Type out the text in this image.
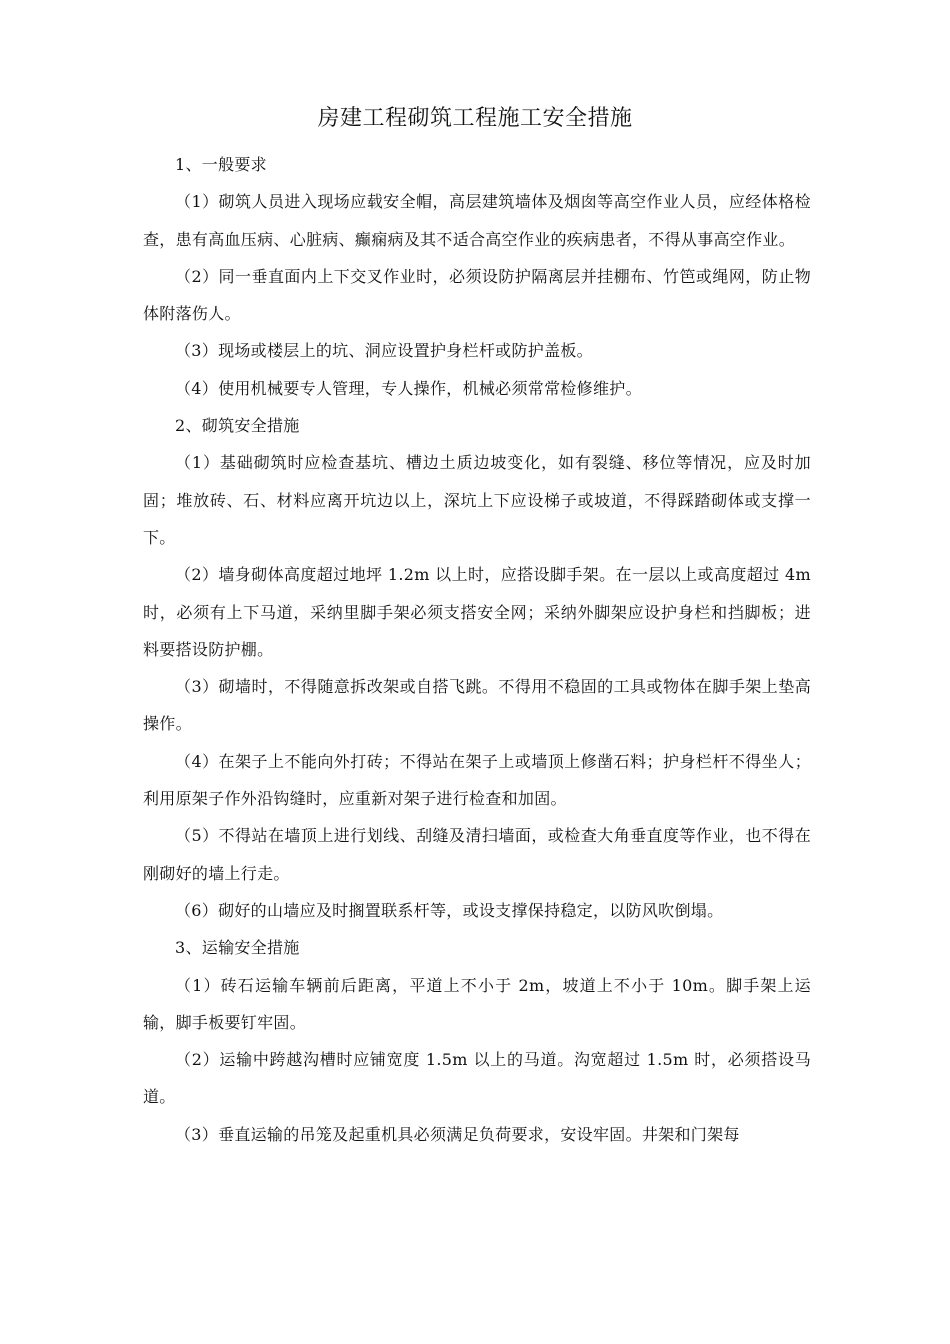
房建工程砌筑工程施工安全措施

1、一般要求

（1）砌筑人员进入现场应载安全帽，高层建筑墙体及烟囱等高空作业人员，应经体格检查，患有高血压病、心脏病、癫痫病及其不适合高空作业的疾病患者，不得从事高空作业。

（2）同一垂直面内上下交叉作业时，必须设防护隔离层并挂棚布、竹笆或绳网，防止物体附落伤人。

（3）现场或楼层上的坑、洞应设置护身栏杆或防护盖板。

（4）使用机械要专人管理，专人操作，机械必须常常检修维护。

2、砌筑安全措施

（1）基础砌筑时应检查基坑、槽边土质边坡变化，如有裂缝、移位等情况，应及时加固；堆放砖、石、材料应离开坑边以上，深坑上下应设梯子或坡道，不得踩踏砌体或支撑一下。

（2）墙身砌体高度超过地坪 1.2m 以上时，应搭设脚手架。在一层以上或高度超过 4m 时，必须有上下马道，采纳里脚手架必须支搭安全网；采纳外脚架应设护身栏和挡脚板；进料要搭设防护棚。

（3）砌墙时，不得随意拆改架或自搭飞跳。不得用不稳固的工具或物体在脚手架上垫高操作。

（4）在架子上不能向外打砖；不得站在架子上或墙顶上修凿石料；护身栏杆不得坐人；利用原架子作外沿钩缝时，应重新对架子进行检查和加固。

（5）不得站在墙顶上进行划线、刮缝及清扫墙面，或检查大角垂直度等作业，也不得在刚砌好的墙上行走。

（6）砌好的山墙应及时搁置联系杆等，或设支撑保持稳定，以防风吹倒塌。

3、运输安全措施

（1）砖石运输车辆前后距离，平道上不小于 2m，坡道上不小于 10m。脚手架上运输，脚手板要钉牢固。

（2）运输中跨越沟槽时应铺宽度 1.5m 以上的马道。沟宽超过 1.5m 时，必须搭设马道。

（3）垂直运输的吊笼及起重机具必须满足负荷要求，安设牢固。井架和门架每
